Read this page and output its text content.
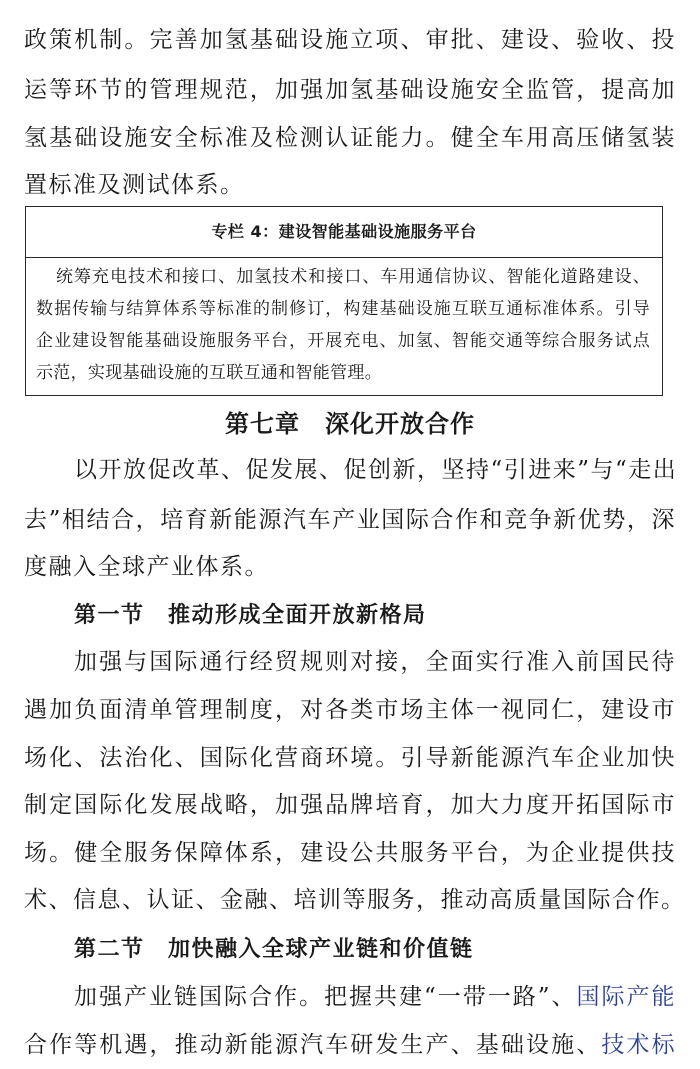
政策机制。完善加氢基础设施立项、审批、建设、验收、投
运等环节的管理规范，加强加氢基础设施安全监管，提高加
氢基础设施安全标准及检测认证能力。健全车用高压储氢装
置标准及测试体系。
专栏 4：建设智能基础设施服务平台
统筹充电技术和接口、加氢技术和接口、车用通信协议、智能化道路建设、
数据传输与结算体系等标准的制修订，构建基础设施互联互通标准体系。引导
企业建设智能基础设施服务平台，开展充电、加氢、智能交通等综合服务试点
示范，实现基础设施的互联互通和智能管理。
第七章　深化开放合作
以开放促改革、促发展、促创新，坚持“引进来”与“走出
去”相结合，培育新能源汽车产业国际合作和竞争新优势，深
度融入全球产业体系。
第一节　推动形成全面开放新格局
加强与国际通行经贸规则对接，全面实行准入前国民待
遇加负面清单管理制度，对各类市场主体一视同仁，建设市
场化、法治化、国际化营商环境。引导新能源汽车企业加快
制定国际化发展战略，加强品牌培育，加大力度开拓国际市
场。健全服务保障体系，建设公共服务平台，为企业提供技
术、信息、认证、金融、培训等服务，推动高质量国际合作。
第二节　加快融入全球产业链和价值链
加强产业链国际合作。把握共建“一带一路”、国际产能
合作等机遇，推动新能源汽车研发生产、基础设施、技术标
